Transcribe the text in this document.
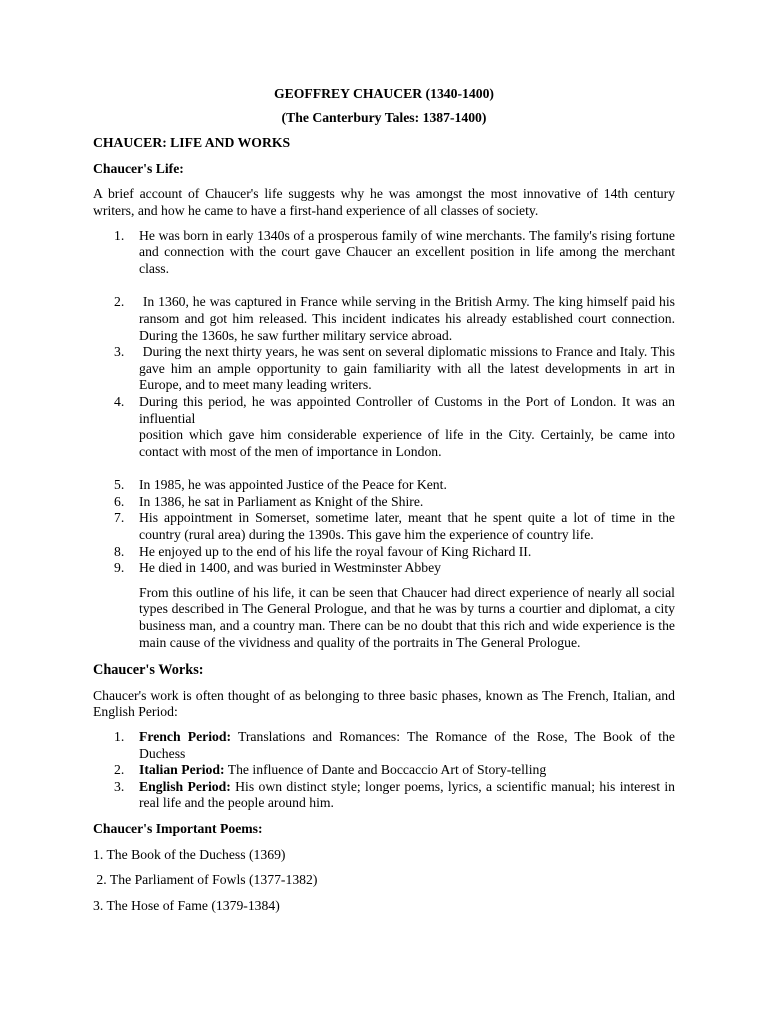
GEOFFREY CHAUCER (1340-1400)
(The Canterbury Tales: 1387-1400)
CHAUCER: LIFE AND WORKS
Chaucer's Life:
A brief account of Chaucer's life suggests why he was amongst the most innovative of 14th century writers, and how he came to have a first-hand experience of all classes of society.
1. He was born in early 1340s of a prosperous family of wine merchants. The family's rising fortune and connection with the court gave Chaucer an excellent position in life among the merchant class.
2. In 1360, he was captured in France while serving in the British Army. The king himself paid his ransom and got him released. This incident indicates his already established court connection. During the 1360s, he saw further military service abroad.
3. During the next thirty years, he was sent on several diplomatic missions to France and Italy. This gave him an ample opportunity to gain familiarity with all the latest developments in art in Europe, and to meet many leading writers.
4. During this period, he was appointed Controller of Customs in the Port of London. It was an influential
position which gave him considerable experience of life in the City. Certainly, be came into contact with most of the men of importance in London.
5. In 1985, he was appointed Justice of the Peace for Kent.
6. In 1386, he sat in Parliament as Knight of the Shire.
7. His appointment in Somerset, sometime later, meant that he spent quite a lot of time in the country (rural area) during the 1390s. This gave him the experience of country life.
8. He enjoyed up to the end of his life the royal favour of King Richard II.
9. He died in 1400, and was buried in Westminster Abbey
From this outline of his life, it can be seen that Chaucer had direct experience of nearly all social types described in The General Prologue, and that he was by turns a courtier and diplomat, a city business man, and a country man. There can be no doubt that this rich and wide experience is the main cause of the vividness and quality of the portraits in The General Prologue.
Chaucer's Works:
Chaucer's work is often thought of as belonging to three basic phases, known as The French, Italian, and English Period:
1. French Period: Translations and Romances: The Romance of the Rose, The Book of the Duchess
2. Italian Period: The influence of Dante and Boccaccio Art of Story-telling
3. English Period: His own distinct style; longer poems, lyrics, a scientific manual; his interest in real life and the people around him.
Chaucer's Important Poems:
1. The Book of the Duchess (1369)
2. The Parliament of Fowls (1377-1382)
3. The Hose of Fame (1379-1384)
